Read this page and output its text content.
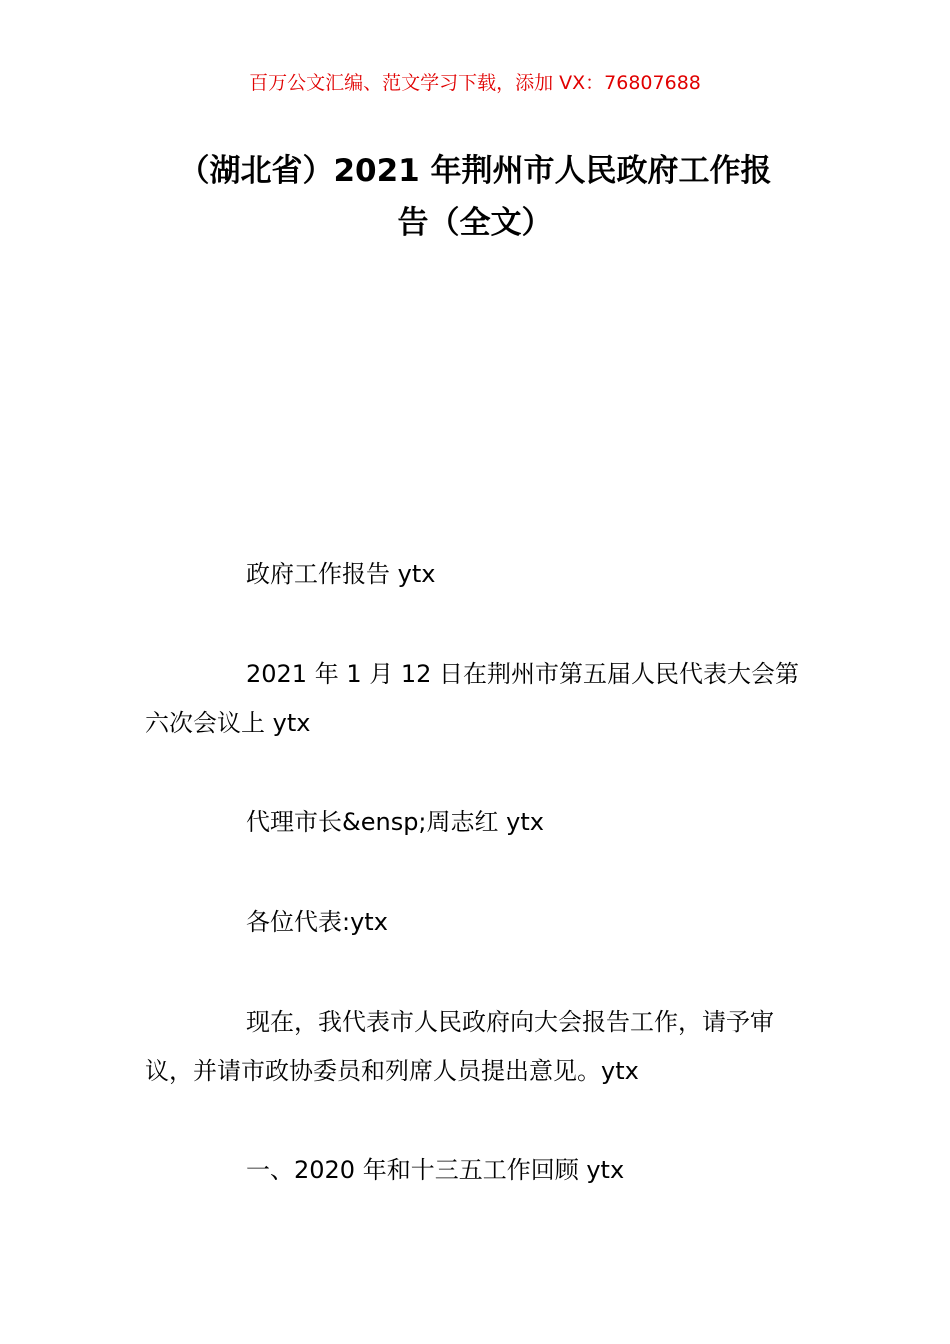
百万公文汇编、范文学习下载，添加 VX：76807688
（湖北省）2021 年荆州市人民政府工作报
告（全文）
政府工作报告 ytx
2021 年 1 月 12 日在荆州市第五届人民代表大会第六次会议上 ytx
代理市长&ensp;周志红 ytx
各位代表:ytx
现在，我代表市人民政府向大会报告工作，请予审议，并请市政协委员和列席人员提出意见。ytx
一、2020 年和十三五工作回顾 ytx
